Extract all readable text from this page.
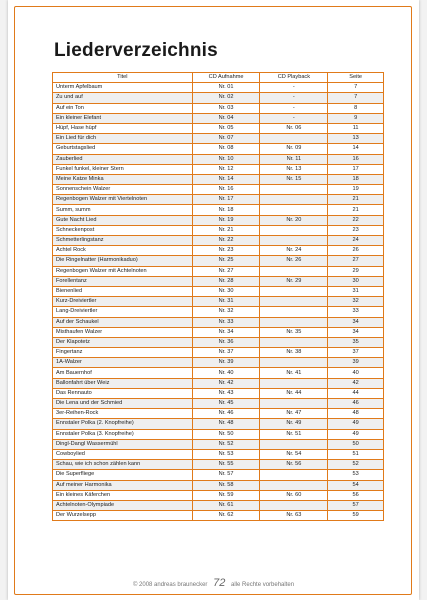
Liederverzeichnis
Titel	CD Aufnahme	CD Playback	Seite
Unterm Apfelbaum	Nr. 01	-	7
Zu und auf	Nr. 02	-	7
Auf ein Ton	Nr. 03	-	8
Ein kleiner Elefant	Nr. 04	-	9
Hüpf, Hase hüpf	Nr. 05	Nr. 06	11
Ein Lied für dich	Nr. 07		13
Geburtstagslied	Nr. 08	Nr. 09	14
Zauberlied	Nr. 10	Nr. 11	16
Funkel funkel, kleiner Stern	Nr. 12	Nr. 13	17
Meine Katze Minka	Nr. 14	Nr. 15	18
Sonnenschein Walzer	Nr. 16		19
Regenbogen Walzer mit Viertelnoten	Nr. 17		21
Summ, summ	Nr. 18		21
Gute Nacht Lied	Nr. 19	Nr. 20	22
Schneckenpost	Nr. 21		23
Schmetterlingstanz	Nr. 22		24
Achtel Rock	Nr. 23	Nr. 24	26
Die Ringelnatter (Harmonikaduo)	Nr. 25	Nr. 26	27
Regenbogen Walzer mit Achtelnoten	Nr. 27		29
Forellentanz	Nr. 28	Nr. 29	30
Bienenlied	Nr. 30		31
Kurz-Dreiviertler	Nr. 31		32
Lang-Dreiviertler	Nr. 32		33
Auf der Schaukel	Nr. 33		34
Misthaufen Walzer	Nr. 34	Nr. 35	34
Der Klapotetz	Nr. 36		35
Fingertanz	Nr. 37	Nr. 38	37
1A-Walzer	Nr. 39		39
Am Bauernhof	Nr. 40	Nr. 41	40
Ballonfahrt über Weiz	Nr. 42		42
Das Rennauto	Nr. 43	Nr. 44	44
Die Lena und der Schmied	Nr. 45		46
3er-Reihen-Rock	Nr. 46	Nr. 47	48
Ennstaler Polka (2. Knopfreihe)	Nr. 48	Nr. 49	49
Ennstaler Polka (3. Knopfreihe)	Nr. 50	Nr. 51	49
Dingl-Dangl Wassermühl	Nr. 52		50
Cowboylied	Nr. 53	Nr. 54	51
Schau, wie ich schon zählen kann	Nr. 55	Nr. 56	52
Die Superfliege	Nr. 57		53
Auf meiner Harmonika	Nr. 58		54
Ein kleines Käferchen	Nr. 59	Nr. 60	56
Achtelnoten-Olympiade	Nr. 61		57
Der Wurzelsepp	Nr. 62	Nr. 63	59
© 2008 andreas braunecker 72 alle Rechte vorbehalten
